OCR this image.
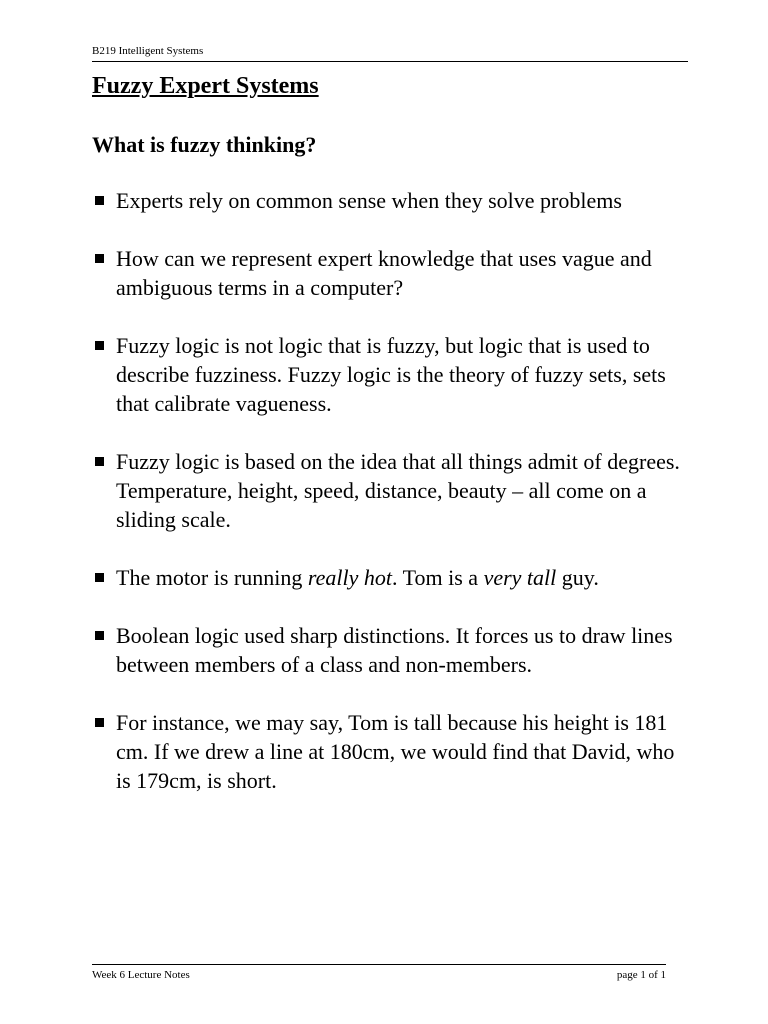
B219 Intelligent Systems
Fuzzy Expert Systems
What is fuzzy thinking?
Experts rely on common sense when they solve problems
How can we represent expert knowledge that uses vague and ambiguous terms in a computer?
Fuzzy logic is not logic that is fuzzy, but logic that is used to describe fuzziness. Fuzzy logic is the theory of fuzzy sets, sets that calibrate vagueness.
Fuzzy logic is based on the idea that all things admit of degrees. Temperature, height, speed, distance, beauty – all come on a sliding scale.
The motor is running really hot. Tom is a very tall guy.
Boolean logic used sharp distinctions. It forces us to draw lines between members of a class and non-members.
For instance, we may say, Tom is tall because his height is 181 cm. If we drew a line at 180cm, we would find that David, who is 179cm, is short.
Week 6 Lecture Notes	page 1 of 1
